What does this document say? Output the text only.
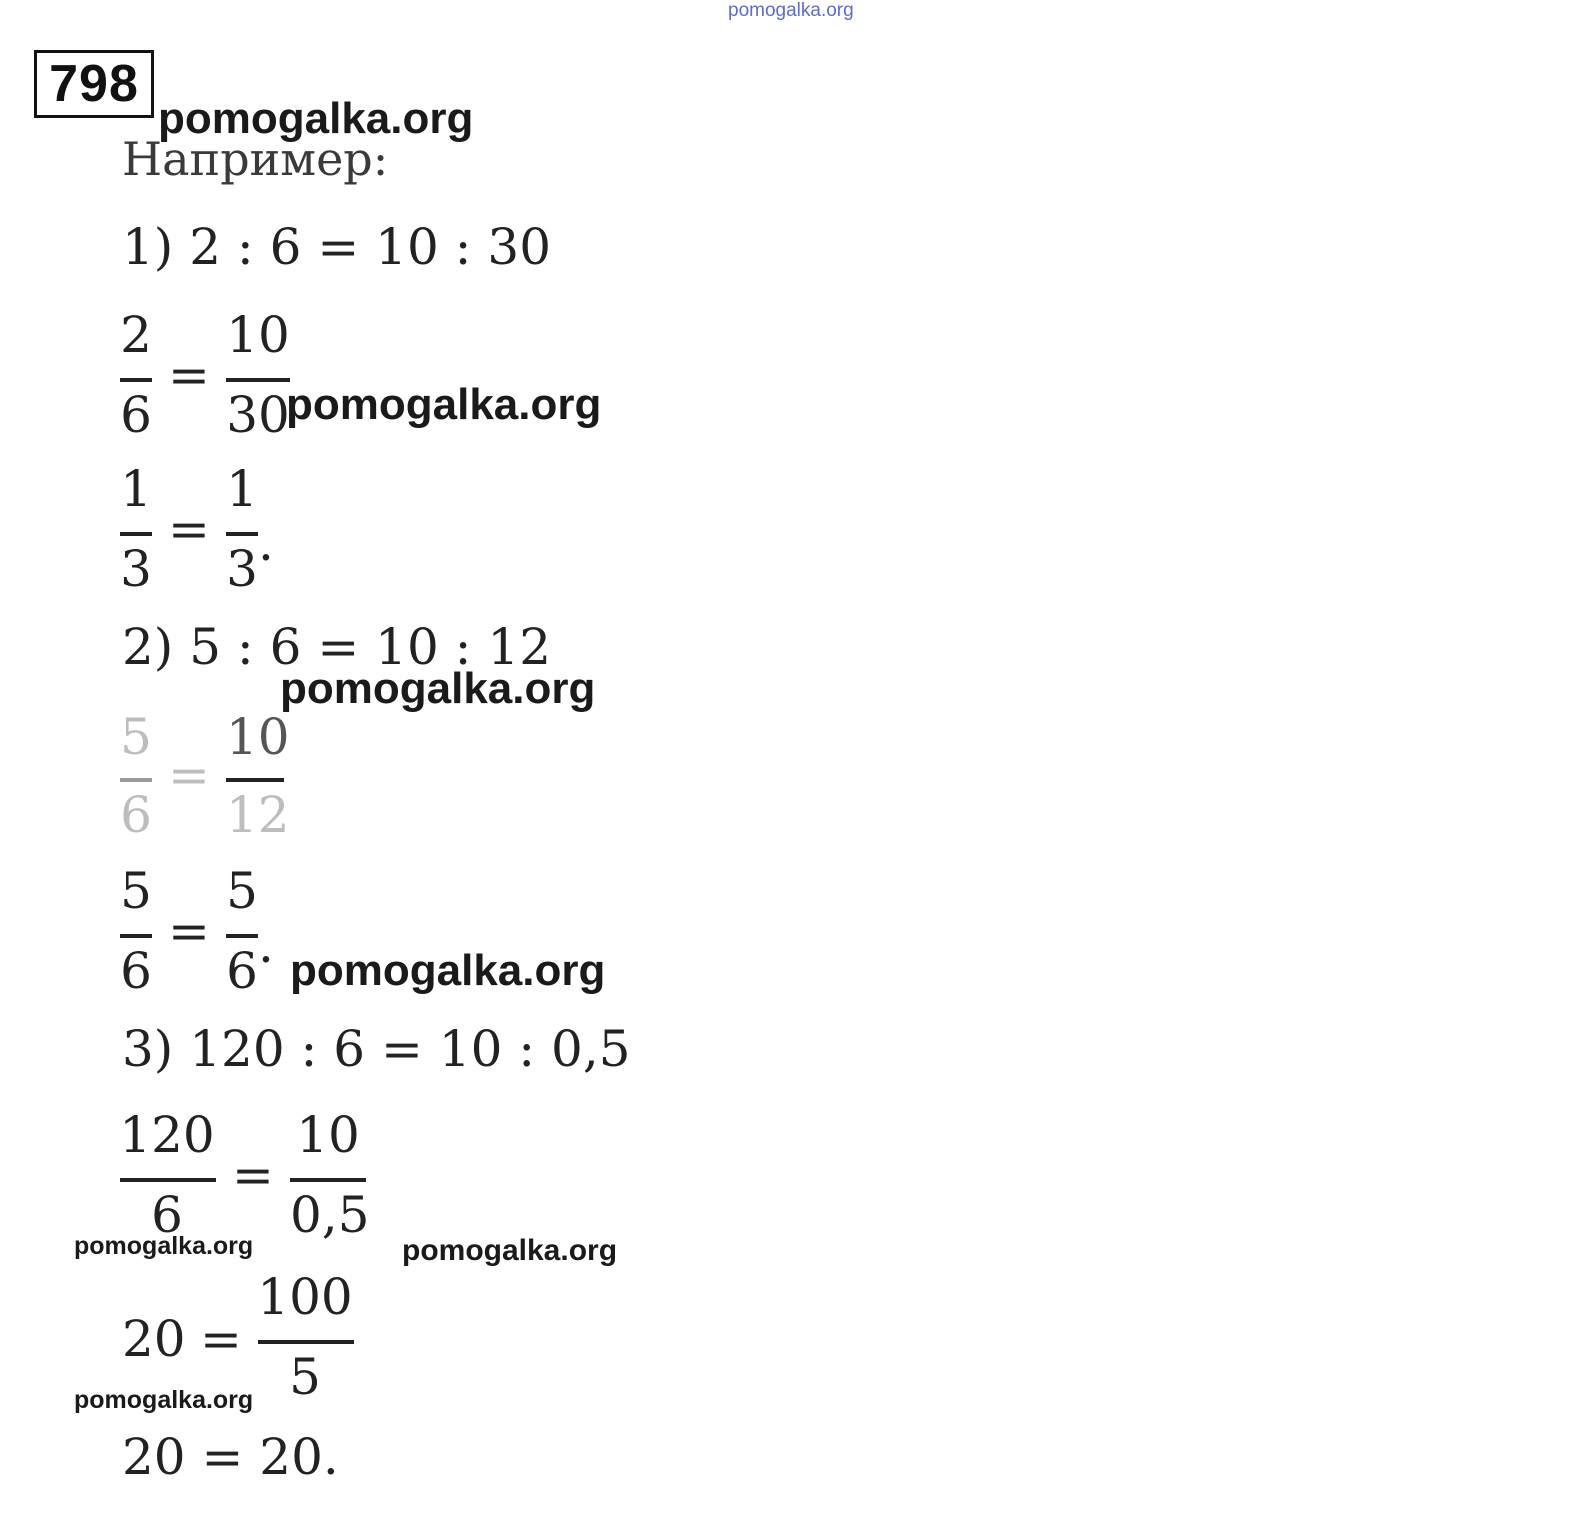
pomogalka.org
798
pomogalka.org
Например:
1) 2 : 6 = 10 : 30
2
6
=
10
30
pomogalka.org
1
3
=
1
3 .
2) 5 : 6 = 10 : 12
pomogalka.org
5
6
=
10
12
5
6
=
5
6 . pomogalka.org
3) 120 : 6 = 10 : 0,5
120
6
=
10
0,5
pomogalka.org	pomogalka.org
20 =
100
5
pomogalka.org
20 = 20.
